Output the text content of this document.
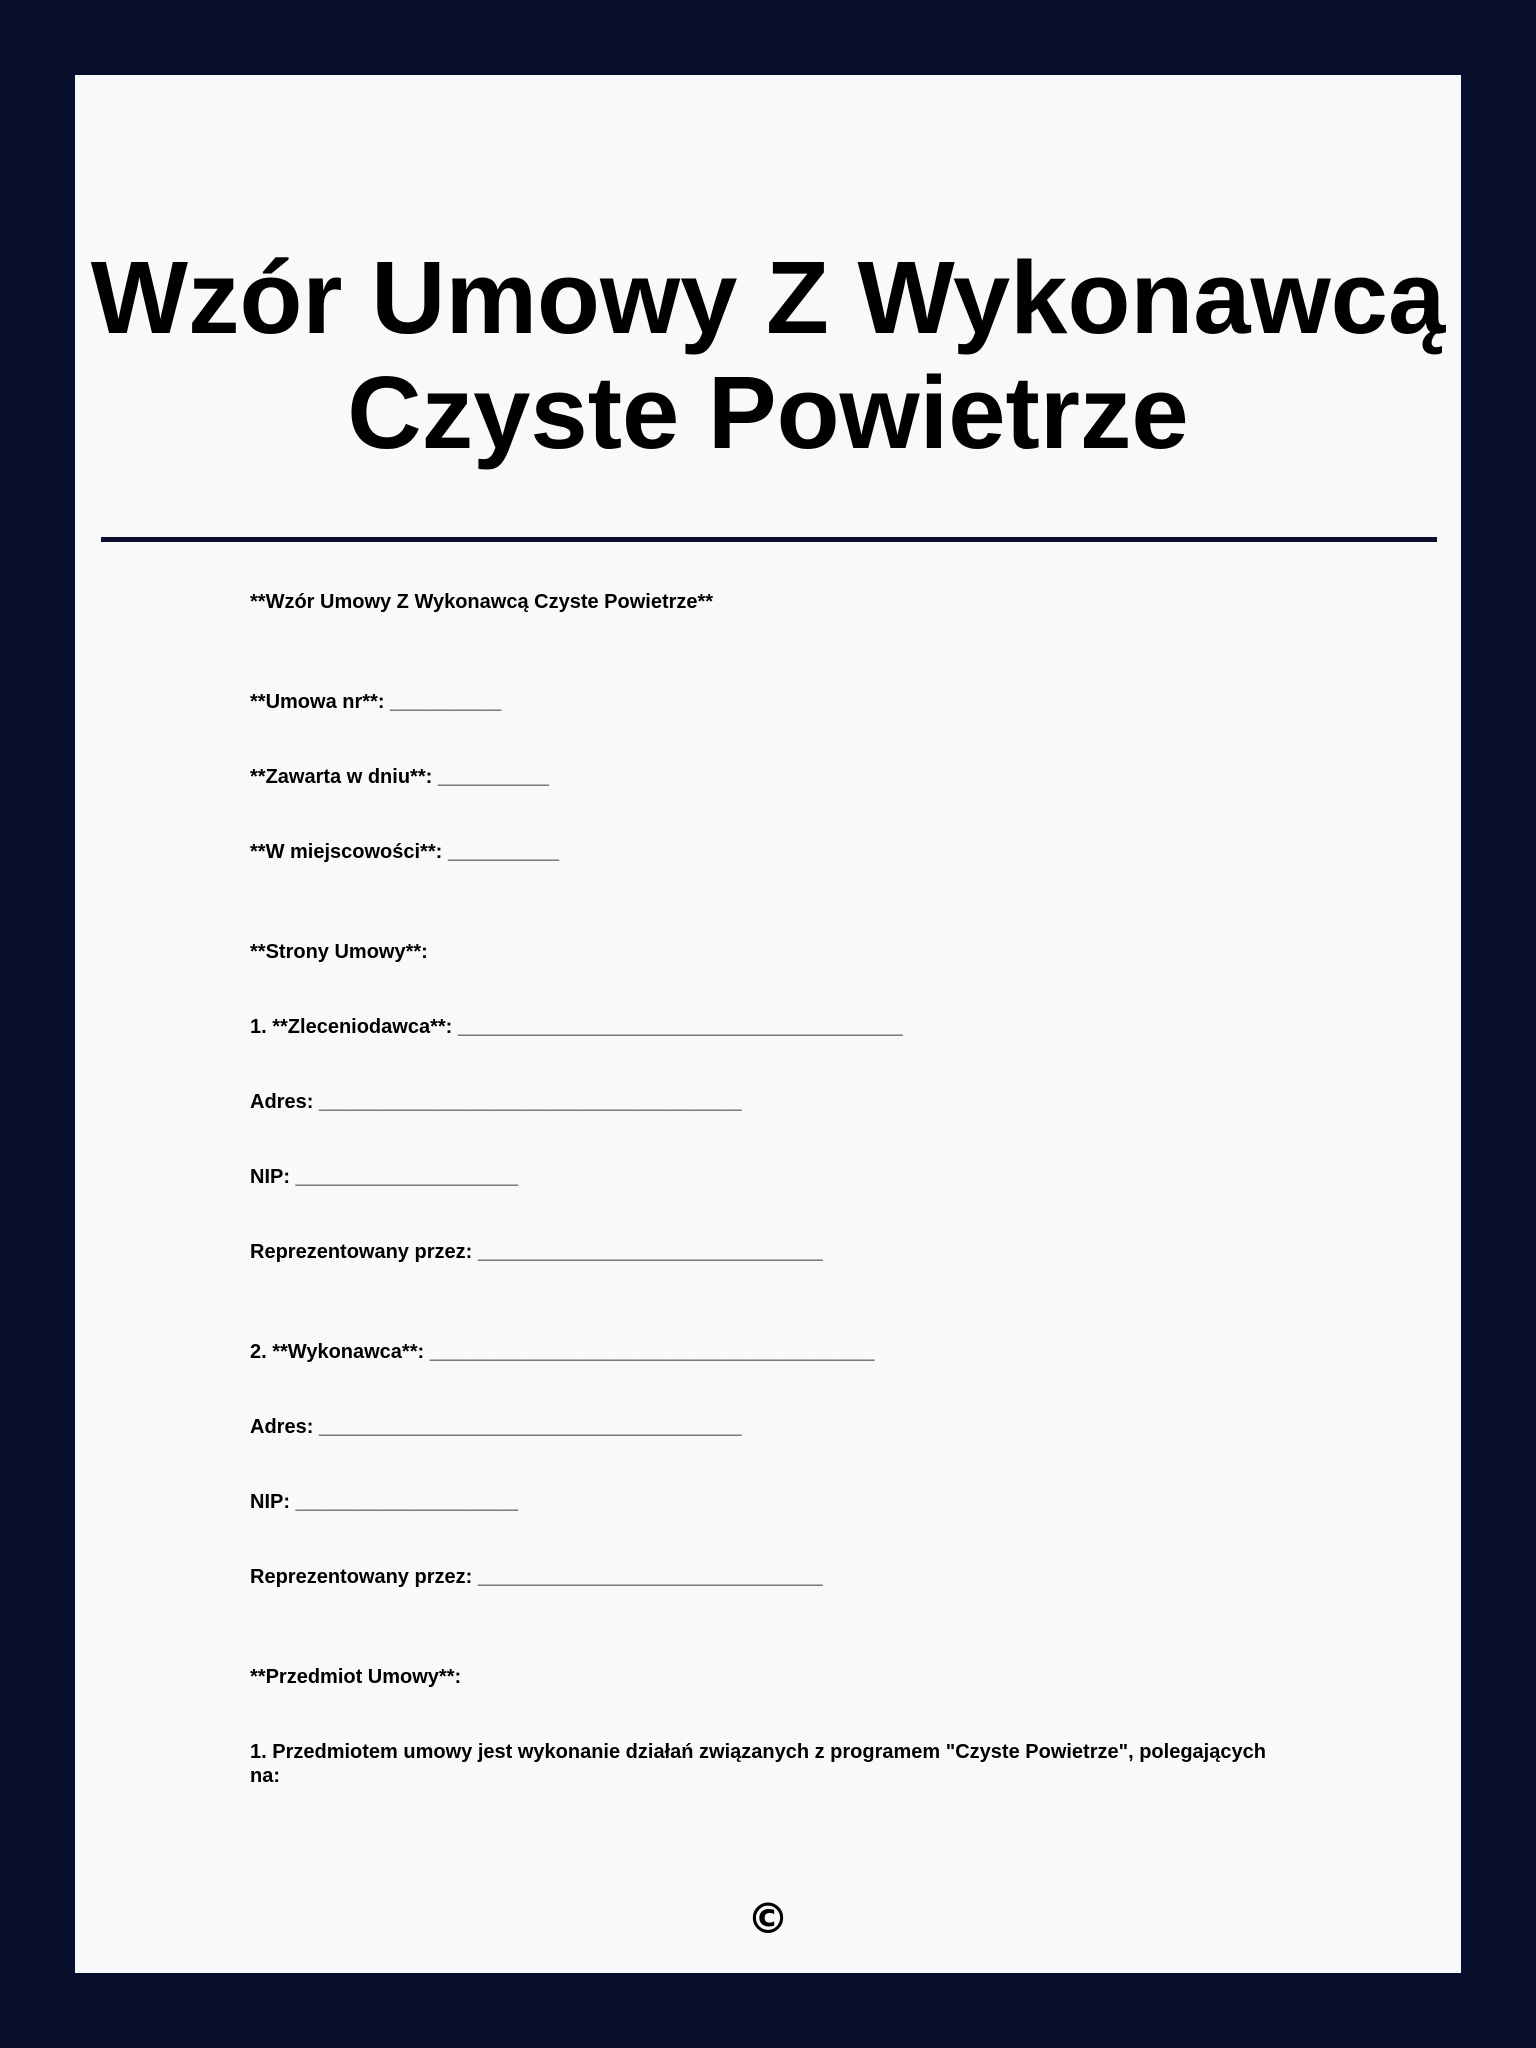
Wzór Umowy Z Wykonawcą
Czyste Powietrze

**Wzór Umowy Z Wykonawcą Czyste Powietrze**

**Umowa nr**: __________

**Zawarta w dniu**: __________

**W miejscowości**: __________

**Strony Umowy**:

1. **Zleceniodawca**: ________________________________________

Adres: ______________________________________

NIP: ____________________

Reprezentowany przez: _______________________________

2. **Wykonawca**: ________________________________________

Adres: ______________________________________

NIP: ____________________

Reprezentowany przez: _______________________________

**Przedmiot Umowy**:

1. Przedmiotem umowy jest wykonanie działań związanych z programem "Czyste Powietrze", polegających na:

©
